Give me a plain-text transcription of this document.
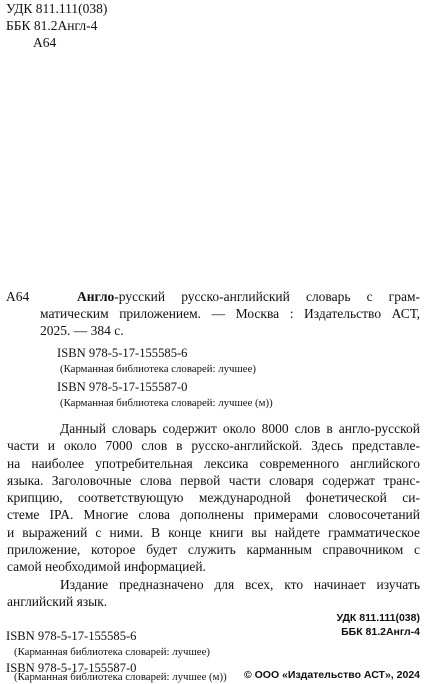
УДК 811.111(038)
ББК 81.2Англ-4
А64
А64	Англо-русский русско-английский словарь с грам-
матическим приложением. — Москва : Издательство АСТ,
2025. — 384 с.
ISBN 978-5-17-155585-6
(Карманная библиотека словарей: лучшее)
ISBN 978-5-17-155587-0
(Карманная библиотека словарей: лучшее (м))
Данный словарь содержит около 8000 слов в англо-русской
части и около 7000 слов в русско-английской. Здесь представле-
на наиболее употребительная лексика современного английского
языка. Заголовочные слова первой части словаря содержат транс-
крипцию, соответствующую международной фонетической си-
стеме IPA. Многие слова дополнены примерами словосочетаний
и выражений с ними. В конце книги вы найдете грамматическое
приложение, которое будет служить карманным справочником с
самой необходимой информацией.
Издание предназначено для всех, кто начинает изучать
английский язык.
УДК 811.111(038)
ББК 81.2Англ-4
ISBN 978-5-17-155585-6
(Карманная библиотека словарей: лучшее)
ISBN 978-5-17-155587-0
(Карманная библиотека словарей: лучшее (м)) © ООО «Издательство АСТ», 2024
